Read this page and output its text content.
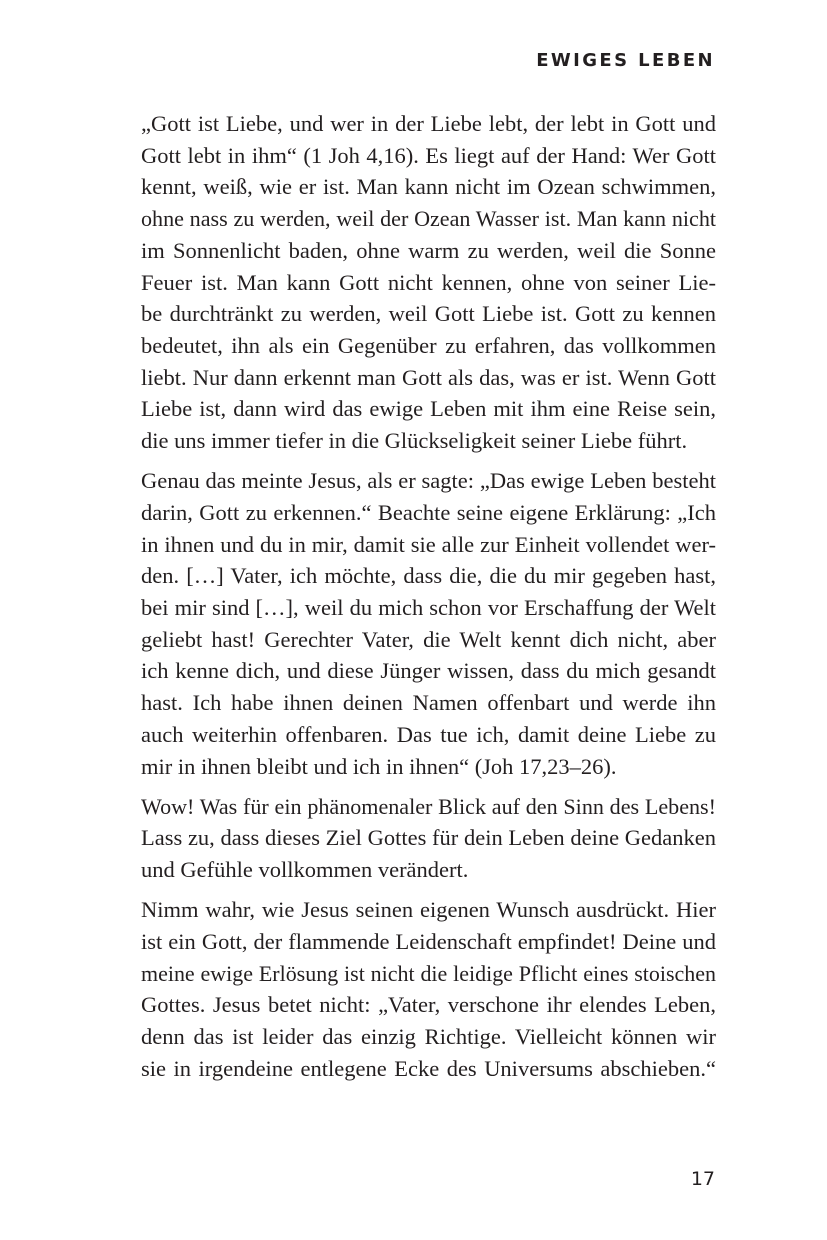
EWIGES LEBEN

„Gott ist Liebe, und wer in der Liebe lebt, der lebt in Gott und
Gott lebt in ihm“ (1 Joh 4,16). Es liegt auf der Hand: Wer Gott
kennt, weiß, wie er ist. Man kann nicht im Ozean schwimmen,
ohne nass zu werden, weil der Ozean Wasser ist. Man kann nicht
im Sonnenlicht baden, ohne warm zu werden, weil die Sonne
Feuer ist. Man kann Gott nicht kennen, ohne von seiner Lie-
be durchtränkt zu werden, weil Gott Liebe ist. Gott zu kennen
bedeutet, ihn als ein Gegenüber zu erfahren, das vollkommen
liebt. Nur dann erkennt man Gott als das, was er ist. Wenn Gott
Liebe ist, dann wird das ewige Leben mit ihm eine Reise sein,
die uns immer tiefer in die Glückseligkeit seiner Liebe führt.

Genau das meinte Jesus, als er sagte: „Das ewige Leben besteht
darin, Gott zu erkennen.“ Beachte seine eigene Erklärung: „Ich
in ihnen und du in mir, damit sie alle zur Einheit vollendet wer-
den. […] Vater, ich möchte, dass die, die du mir gegeben hast,
bei mir sind […], weil du mich schon vor Erschaffung der Welt
geliebt hast! Gerechter Vater, die Welt kennt dich nicht, aber
ich kenne dich, und diese Jünger wissen, dass du mich gesandt
hast. Ich habe ihnen deinen Namen offenbart und werde ihn
auch weiterhin offenbaren. Das tue ich, damit deine Liebe zu
mir in ihnen bleibt und ich in ihnen“ (Joh 17,23–26).

Wow! Was für ein phänomenaler Blick auf den Sinn des Lebens!
Lass zu, dass dieses Ziel Gottes für dein Leben deine Gedanken
und Gefühle vollkommen verändert.

Nimm wahr, wie Jesus seinen eigenen Wunsch ausdrückt. Hier
ist ein Gott, der flammende Leidenschaft empfindet! Deine und
meine ewige Erlösung ist nicht die leidige Pflicht eines stoischen
Gottes. Jesus betet nicht: „Vater, verschone ihr elendes Leben,
denn das ist leider das einzig Richtige. Vielleicht können wir
sie in irgendeine entlegene Ecke des Universums abschieben.“

17
